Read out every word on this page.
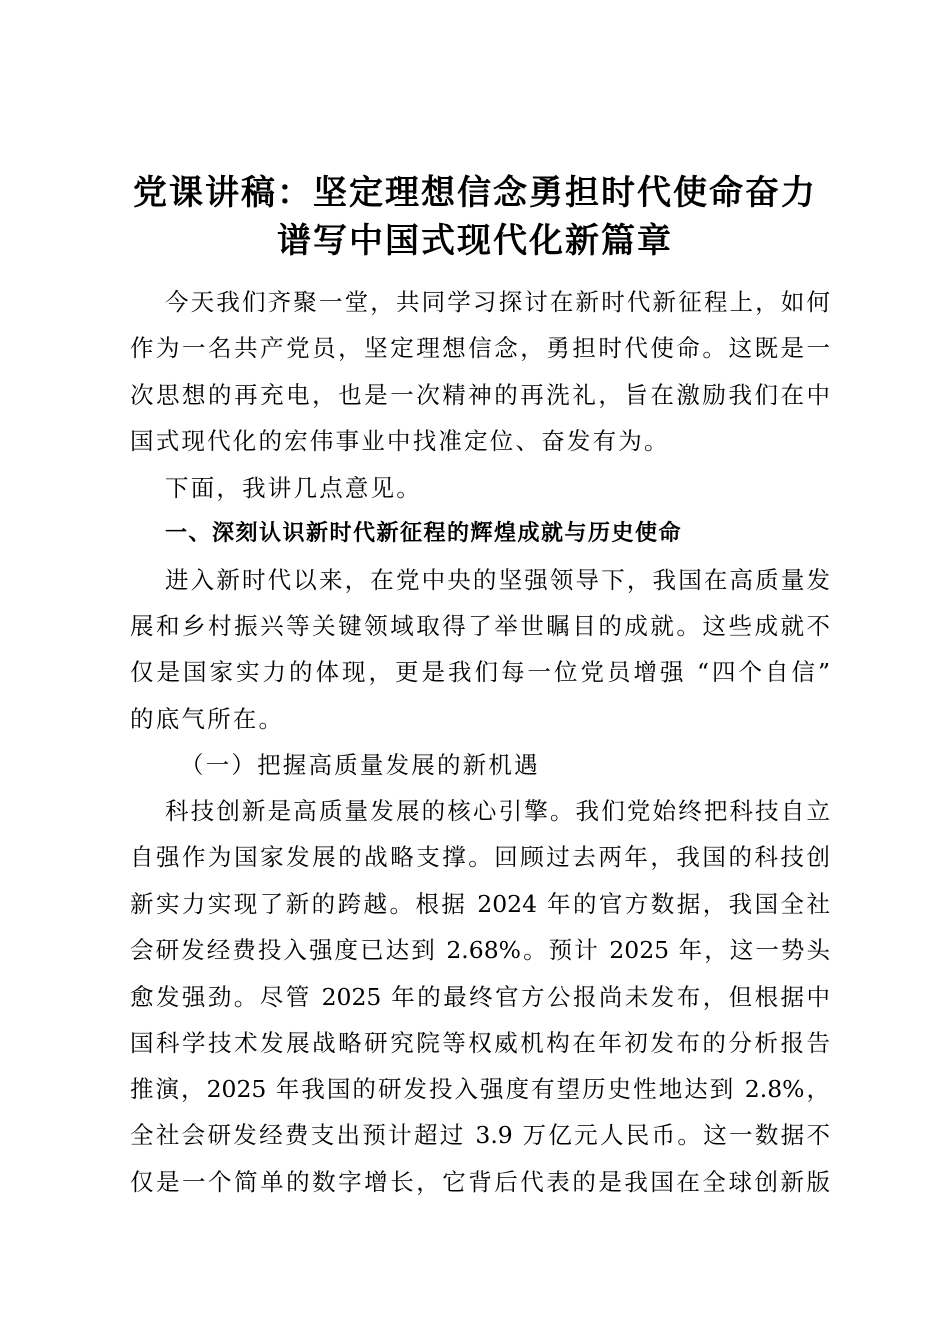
党课讲稿：坚定理想信念勇担时代使命奋力
谱写中国式现代化新篇章
今天我们齐聚一堂，共同学习探讨在新时代新征程上，如何
作为一名共产党员，坚定理想信念，勇担时代使命。这既是一
次思想的再充电，也是一次精神的再洗礼，旨在激励我们在中
国式现代化的宏伟事业中找准定位、奋发有为。
下面，我讲几点意见。
一、深刻认识新时代新征程的辉煌成就与历史使命
进入新时代以来，在党中央的坚强领导下，我国在高质量发
展和乡村振兴等关键领域取得了举世瞩目的成就。这些成就不
仅是国家实力的体现，更是我们每一位党员增强 “四个自信”
的底气所在。
（一）把握高质量发展的新机遇
科技创新是高质量发展的核心引擎。我们党始终把科技自立
自强作为国家发展的战略支撑。回顾过去两年，我国的科技创
新实力实现了新的跨越。根据 2024 年的官方数据，我国全社
会研发经费投入强度已达到 2.68%。预计 2025 年，这一势头
愈发强劲。尽管 2025 年的最终官方公报尚未发布，但根据中
国科学技术发展战略研究院等权威机构在年初发布的分析报告
推演，2025 年我国的研发投入强度有望历史性地达到 2.8%，
全社会研发经费支出预计超过 3.9 万亿元人民币。这一数据不
仅是一个简单的数字增长，它背后代表的是我国在全球创新版
